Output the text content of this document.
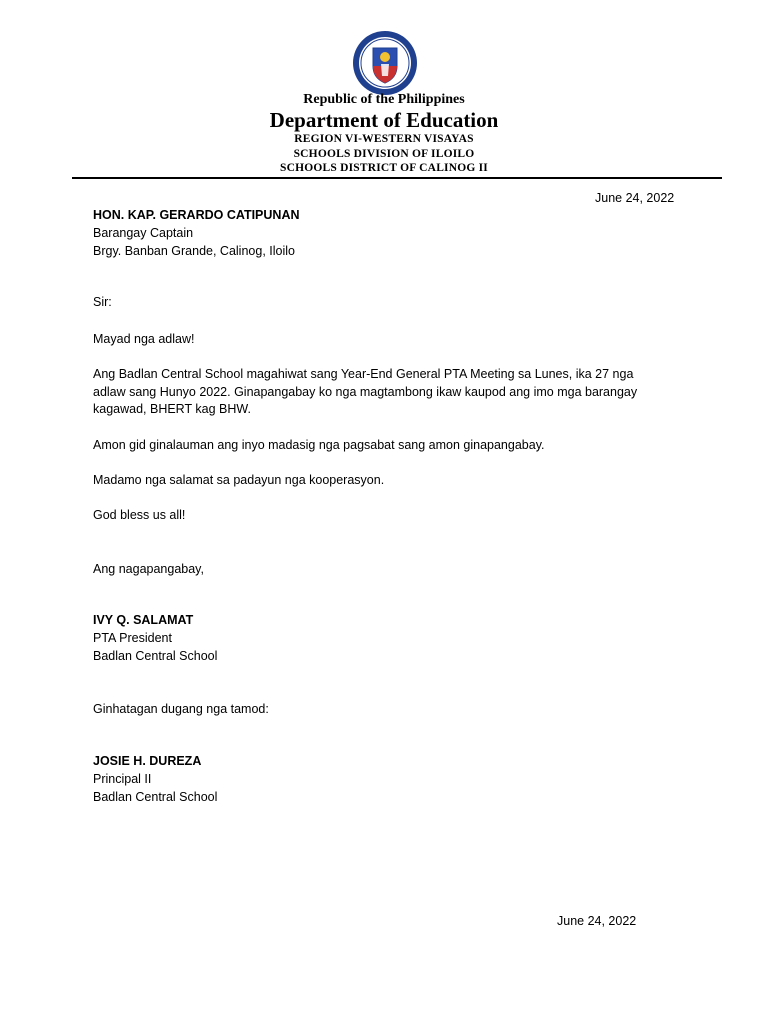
Republic of the Philippines
Department of Education
REGION VI-WESTERN VISAYAS
SCHOOLS DIVISION OF ILOILO
SCHOOLS DISTRICT OF CALINOG II
June 24, 2022
HON. KAP. GERARDO CATIPUNAN
Barangay Captain
Brgy. Banban Grande, Calinog, Iloilo
Sir:
Mayad nga adlaw!
Ang Badlan Central School magahiwat sang Year-End General PTA Meeting sa Lunes, ika 27 nga adlaw sang Hunyo 2022. Ginapangabay ko nga magtambong ikaw kaupod ang imo mga barangay kagawad, BHERT kag BHW.
Amon gid ginalauman ang inyo madasig nga pagsabat sang amon ginapangabay.
Madamo nga salamat sa padayun nga kooperasyon.
God bless us all!
Ang nagapangabay,
IVY Q. SALAMAT
PTA President
Badlan Central School
Ginhatagan dugang nga tamod:
JOSIE H. DUREZA
Principal II
Badlan Central School
June 24, 2022
